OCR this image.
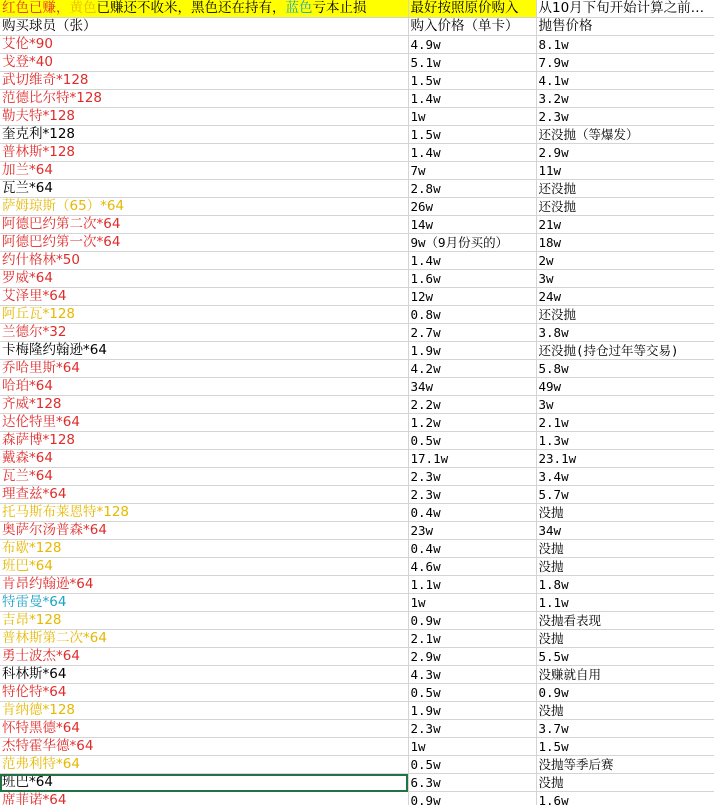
红色已赚，黄色已赚还不收米，黑色还在持有，蓝色亏本止损	最好按照原价购入	从10月下旬开始计算之前…
购买球员（张）	购入价格（单卡）	抛售价格
艾伦*90	4.9w	8.1w
戈登*40	5.1w	7.9w
武切维奇*128	1.5w	4.1w
范德比尔特*128	1.4w	3.2w
勒夫特*128	1w	2.3w
奎克利*128	1.5w	还没抛（等爆发）
普林斯*128	1.4w	2.9w
加兰*64	7w	11w
瓦兰*64	2.8w	还没抛
萨姆琼斯（65）*64	26w	还没抛
阿德巴约第二次*64	14w	21w
阿德巴约第一次*64	9w（9月份买的）	18w
约什格林*50	1.4w	2w
罗威*64	1.6w	3w
艾泽里*64	12w	24w
阿丘瓦*128	0.8w	还没抛
兰德尔*32	2.7w	3.8w
卡梅隆约翰逊*64	1.9w	还没抛(持仓过年等交易)
乔哈里斯*64	4.2w	5.8w
哈珀*64	34w	49w
齐威*128	2.2w	3w
达伦特里*64	1.2w	2.1w
森萨博*128	0.5w	1.3w
戴森*64	17.1w	23.1w
瓦兰*64	2.3w	3.4w
理查兹*64	2.3w	5.7w
托马斯布莱恩特*128	0.4w	没抛
奥萨尔汤普森*64	23w	34w
布歇*128	0.4w	没抛
班巴*64	4.6w	没抛
肯昂约翰逊*64	1.1w	1.8w
特雷曼*64	1w	1.1w
吉昂*128	0.9w	没抛看表现
普林斯第二次*64	2.1w	没抛
勇士波杰*64	2.9w	5.5w
科林斯*64	4.3w	没赚就自用
特伦特*64	0.5w	0.9w
肯纳德*128	1.9w	没抛
怀特黑德*64	2.3w	3.7w
杰特霍华德*64	1w	1.5w
范弗利特*64	0.5w	没抛等季后赛
班巴*64	6.3w	没抛
席菲诺*64	0.9w	1.6w
